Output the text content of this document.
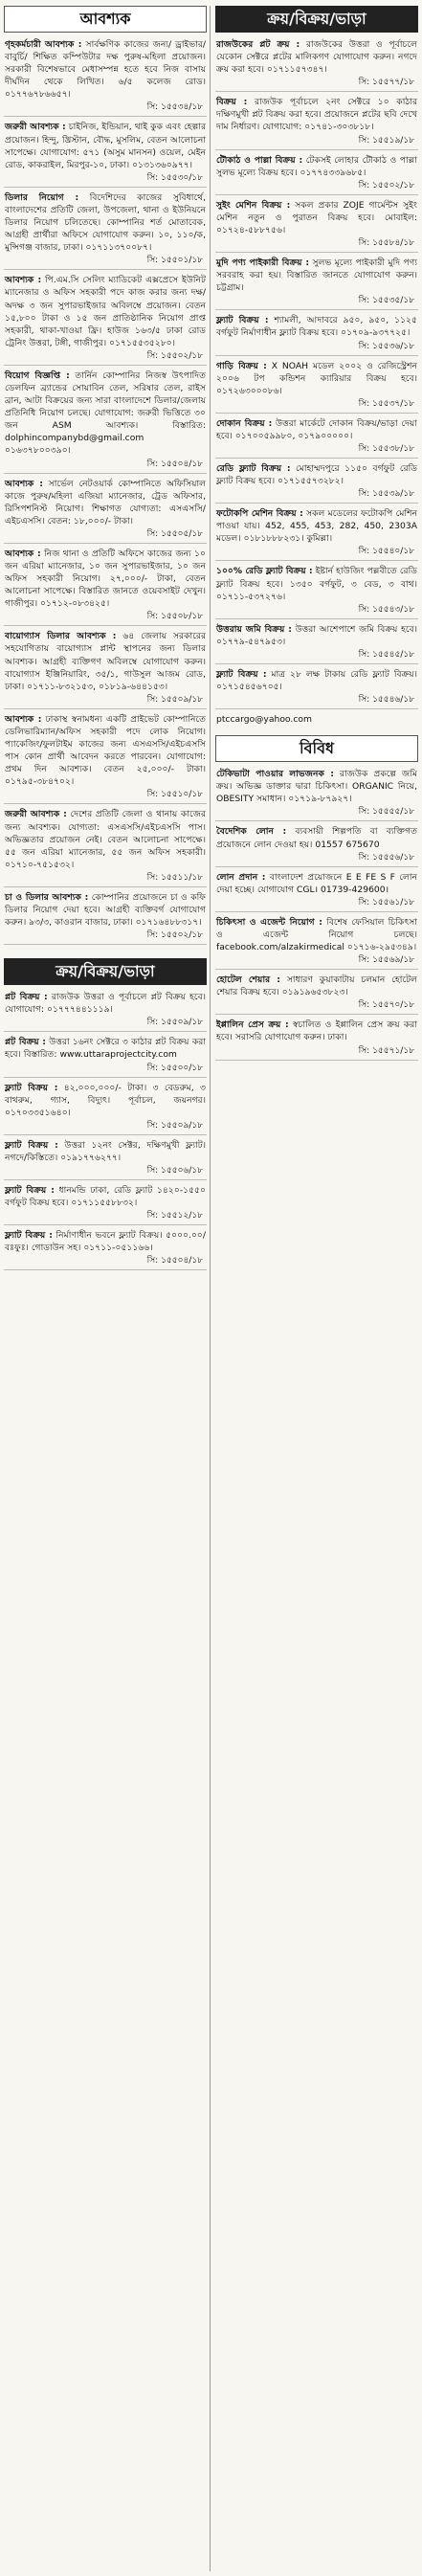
আবশ্যক
গৃহকর্মচারী আবশ্যক : সার্বক্ষণিক কাজের জন্য/ ড্রাইভার/ বাবুর্চি/ শিক্ষিত কম্পিউটার দক্ষ পুরুষ-মহিলা প্রয়োজন। সরকারী বিশেষভাবে মেধাসম্পন্ন হতে হবে নিজ বাসায় দীর্ঘদিন থেকে লিখিত। ৬/৫ কলেজ রোড। ০১৭৭৬৭৮৬৬৫৭।
সি: ১৫৫৩৪/১৮
জরুরী আবশ্যক : চাইনিজ, ইন্ডিয়ান, থাই কুক এবং হেল্পার প্রয়োজন। হিন্দু, খ্রিস্টান, বৌদ্ধ, মুসলিম, বেতন আলোচনা সাপেক্ষে। যোগাযোগ: ৫৭১ (অসুম মানসন) ওয়েল, মেইন রোড, কাকরাইল, মিরপুর-১০, ঢাকা। ০১৩১৩৬০৯৭৭।
সি: ১৫৫৩০/১৮
ডিলার নিয়োগ : বিদেশিদের কাজের সুবিধার্থে, বাংলাদেশের প্রতিটি জেলা, উপজেলা, থানা ও ইউনিয়নে ডিলার নিয়োগ চলিতেছে। কোম্পানির শর্ত মোতাবেক, আগ্রহী প্রার্থীরা অফিসে যোগাযোগ করুন। ১০, ১১০/ক, মুন্সিগঞ্জ বাজার, ঢাকা। ০১৭১১৩৭০০৮৭।
সি: ১৫৫০১/১৮
আবশ্যক : পি.এম.সি সেলিং ম্যাডিকেট এক্সপ্রেসে ইউনিট ম্যানেজার ও অফিস সহকারী পদে কাজ করার জন্য দক্ষ/অদক্ষ ৩ জন সুপারভাইজার অবিলম্বে প্রয়োজন। বেতন ১৫,৮০০ টাকা ও ১৫ জন প্রাতিষ্ঠানিক নিয়োগ প্রাপ্ত সহকারী, থাকা-খাওয়া ফ্রি। হাউজ ১৬৩/৫ ঢাকা রোড ট্রেনিং উত্তরা, টঙ্গী, গাজীপুর। ০১৭১৫৫৩৫২৮০।
সি: ১৫৫০২/১৮
বিয়োগ বিজ্ঞপ্তি : তার্নিন কোম্পানির নিজস্ব উৎপাদিত ডেলফিন ব্র্যান্ডের সোয়াবিন তেল, সরিষার তেল, রাইস ব্রান, আটা বিক্রয়ের জন্য সারা বাংলাদেশে ডিলার/জেলায় প্রতিনিধি নিয়োগ চলছে। যোগাযোগ: জরুরী ভিত্তিতে ৩০ জন ASM আবশ্যক। বিস্তারিত: dolphincompanybd@gmail.com ০১৬৩৭৮০০৩৯০।
সি: ১৫৫০৪/১৮
আবশ্যক : সার্ভেল নেটওয়ার্ক কোম্পানিতে অফিসিয়াল কাজে পুরুষ/মহিলা এজিয়া ম্যানেজার, ট্রেড অফিসার, রিসিপশনিস্ট নিয়োগ। শিক্ষাগত যোগ্যতা: এসএসসি/এইচএসসি। বেতন: ১৮,০০০/- টাকা।
সি: ১৫৫০৫/১৮
আবশ্যক : নিজ থানা ও প্রতিটি অফিসে কাজের জন্য ১০ জন এরিয়া ম্যানেজার, ১০ জন সুপারভাইজার, ১০ জন অফিস সহকারী নিয়োগ। ২৭,০০০/- টাকা, বেতন আলোচনা সাপেক্ষে। বিস্তারিত জানতে ওয়েবসাইট দেখুন। গাজীপুর। ০১৭১২-০৮৩৪২৫।
সি: ১৫৫০৮/১৮
বায়োগ্যাস ডিলার আবশ্যক : ৬৪ জেলায় সরকারের সহযোগিতায় বায়োগ্যাস প্লান্ট স্থাপনের জন্য ডিলার আবশ্যক। আগ্রহী ব্যক্তিগণ অবিলম্বে যোগাযোগ করুন। বায়োগ্যাস ইঞ্জিনিয়ারিং, ৩৫/১, গাউসুল আজম রোড, ঢাকা। ০১৭১১-৮৩২১৫৩, ০১৮১৯-৬৪৪১৫৩।
সি: ১৫৫০৯/১৮
আবশ্যক : ঢাকাস্থ স্বনামধন্য একটি প্রাইভেট কোম্পানিতে ডেলিভারিম্যান/অফিস সহকারী পদে লোক নিয়োগ। প্যাকেজিং/ফুলটাইম কাজের জন্য এসএসসি/এইচএসসি পাস কোন প্রার্থী আবেদন করতে পারবেন। যোগাযোগ: প্রথম দিন আবশ্যক। বেতন ২৫,০০০/- টাকা। ০১৭৯৫-৩৮৪৭০২।
সি: ১৫৫১০/১৮
জরুরী আবশ্যক : দেশের প্রতিটি জেলা ও থানায় কাজের জন্য আবশ্যক। যোগ্যতা: এসএসসি/এইচএসসি পাস। অভিজ্ঞতার প্রয়োজন নেই। বেতন আলোচনা সাপেক্ষে। ৫৫ জন এরিয়া ম্যানেজার, ৫৫ জন অফিস সহকারী। ০১৭১০-৭৫১৫৩২।
সি: ১৫৫১১/১৮
চা ও ডিলার আবশ্যক : কোম্পানির প্রয়োজনে চা ও কফি ডিলার নিয়োগ দেয়া হবে। আগ্রহী ব্যক্তিবর্গ যোগাযোগ করুন। ৯৩/৩, কাওরান বাজার, ঢাকা। ০১৭১৬৪৮৮৩১৭।
সি: ১৫৫০২/১৮
ক্রয়/বিক্রয়/ভাড়া
প্লট বিক্রয় : রাজউক উত্তরা ও পূর্বাচলে প্লট বিক্রয় হবে। যোগাযোগ: ০১৭৭৭৪৪১১১৯।
সি: ১৫৫০৯/১৮
প্লট বিক্রয় : উত্তরা ১৬নং সেক্টরে ৩ কাঠার প্লট বিক্রয় করা হবে। বিস্তারিত: www.uttaraprojectcity.com
সি: ১৫৫০০/১৮
ফ্ল্যাট বিক্রয় : ৪২,০০০,০০০/- টাকা। ৩ বেডরুম, ৩ বাথরুম, গ্যাস, বিদ্যুৎ। পূর্বাচল, জয়নগর। ০১৭০৩৩৫১৬৪০।
সি: ১৫৫০৯/১৮
ফ্ল্যাট বিক্রয় : উত্তরা ১২নং সেক্টর, দক্ষিণমুখী ফ্ল্যাট। নগদে/কিস্তিতে। ০১৯১৭৭৬২৭৭।
সি: ১৫৫০৬/১৮
ফ্ল্যাট বিক্রয় : ধানমন্ডি ঢাকা, রেডি ফ্ল্যাট ১৪২০-১৫৫০ বর্গফুট বিক্রয় হবে। ০১৭১১৫৫৮৮৩২।
সি: ১৫৫১২/১৮
ফ্ল্যাট বিক্রয় : নির্মাণাধীন ভবনে ফ্ল্যাট বিক্রয়। ৫০০০.০০/বঃফুঃ। গোডাউন সহ। ০১৭১১-০৫১১৬৬।
সি: ১৫৫০৪/১৮
ক্রয়/বিক্রয়/ভাড়া
রাজউকের প্লট ক্রয় : রাজউকের উত্তরা ও পূর্বাচলে যেকোন সেক্টরে প্লটের মালিকগণ যোগাযোগ করুন। নগদে ক্রয় করা হবে। ০১৭১১৫৭৩৪৭।
সি: ১৫৫৭৭/১৮
বিক্রয় : রাজউক পূর্বাচলে ২নং সেক্টরে ১০ কাঠার দক্ষিণমুখী প্লট বিক্রয় করা হবে। প্রয়োজনে প্লটের ছবি দেখে দাম নির্ধারণ। যোগাযোগ: ০১৭৪১-৩০৩৮১৮।
সি: ১৫৫১৯/১৮
টৌকাঠ ও পাল্লা বিক্রয় : টেকসই লোহার টৌকাঠ ও পাল্লা সুলভ মূল্যে বিক্রয় হবে। ০১৭৭৪৩৩৯৬৮৫।
সি: ১৫৫০২/১৮
সুইং মেশিন বিক্রয় : সকল প্রকার ZOJE গার্মেন্টস সুইং মেশিন নতুন ও পুরাতন বিক্রয় হবে। মোবাইল: ০১৭২৪-৫৮৮৭৫৬।
সি: ১৫৫৮৪/১৮
মুদি পণ্য পাইকারী বিক্রয় : সুলভ মূল্যে পাইকারী মুদি পণ্য সরবরাহ করা হয়। বিস্তারিত জানতে যোগাযোগ করুন। চট্টগ্রাম।
সি: ১৫৫৩৫/১৮
ফ্ল্যাট বিক্রয় : শ্যামলী, আদাবরে ৯৫০, ৯৫০, ১১২৫ বর্গফুট নির্মাণাধীন ফ্ল্যাট বিক্রয় হবে। ০১৭০৯-৯৩৭৭২৫।
সি: ১৫৫৩৬/১৮
গাড়ি বিক্রয় : X NOAH মডেল ২০০২ ও রেজিস্ট্রেশন ২০০৬ টপ কন্ডিশন ক্যারিয়ার বিক্রয় হবে। ০১৭২৬৩০০০৮৬।
সি: ১৫৫৩৭/১৮
দোকান বিক্রয় : উত্তরা মার্কেটে দোকান বিক্রয়/ভাড়া দেয়া হবে। ০১৭০০৫৯৯৮০, ০১৭৯০০০০০।
সি: ১৫৫৩৮/১৮
রেডি ফ্ল্যাট বিক্রয় : মোহাম্মদপুরে ১১৫০ বর্গফুট রেডি ফ্ল্যাট বিক্রয় হবে। ০১৭১৫৫৭৩২৮২।
সি: ১৫৫৩৯/১৮
ফটোকপি মেশিন বিক্রয় : সকল মডেলের ফটোকপি মেশিন পাওয়া যায়। 452, 455, 453, 282, 450, 2303A মডেল। ০১৮১৮৮৮২৩১। কুমিল্লা।
সি: ১৫৫৪০/১৮
১০০% রেডি ফ্ল্যাট বিক্রয় : ইষ্টার্ন হাউজিং পল্লবীতে রেডি ফ্ল্যাট বিক্রয় হবে। ১৩৫০ বর্গফুট, ৩ বেড, ৩ বাথ। ০১৭১১-৫৩৭২৭৬।
সি: ১৫৫৪৩/১৮
উত্তরায় জমি বিক্রয় : উত্তরা আশেপাশে জমি বিক্রয় হবে। ০১৭৭৯-৫৪৭৯৫৩।
সি: ১৫৫৪৫/১৮
ফ্ল্যাট বিক্রয় : মাত্র ২৮ লক্ষ টাকায় রেডি ফ্ল্যাট বিক্রয়। ০১৭১৫৪৫৬৭০৫।
সি: ১৫৫৪৬/১৮
ptccargo@yahoo.com
বিবিধ
টেকিভাটা পাওয়ার লাভজনক : রাজউক প্রকল্পে জমি ক্রয়। অভিজ্ঞ ডাক্তার দ্বারা চিকিৎসা। ORGANIC নিয়ে, OBESITY সমাধান। ০১৭১৯-৮৭৯২৭।
সি: ১৫৫৫৫/১৮
বৈদেশিক লোন : ব্যবসায়ী শিল্পপতি বা ব্যক্তিগত প্রয়োজনে লোন দেওয়া হয়। 01557 675670
সি: ১৫৫৫৬/১৮
লোন প্রদান : বাংলাদেশ প্রয়োজনে E E FE S F লোন দেয়া হচ্ছে। যোগাযোগ CGL। 01739-429600।
সি: ১৫৫৬১/১৮
চিকিৎসা ও এজেন্ট নিয়োগ : বিশেষ ফেসিয়াল চিকিৎসা ও এজেন্ট নিয়োগ চলছে। facebook.com/alzakirmedical ০১৭১৬-২৯৫৩৪৯।
সি: ১৫৫৬৯/১৮
হোটেল শেয়ার : সাধারণ কুয়াকাটায় চলমান হোটেল শেয়ার বিক্রয় হবে। ০১৯১৯৬৫৩৮২৩।
সি: ১৫৫৭০/১৮
ইপ্পালিন প্রেস ক্রয় : স্বচালিত ও ইপ্পালিন প্রেস ক্রয় করা হবে। সরাসরি যোগাযোগ করুন। ঢাকা।
সি: ১৫৫৭১/১৮
